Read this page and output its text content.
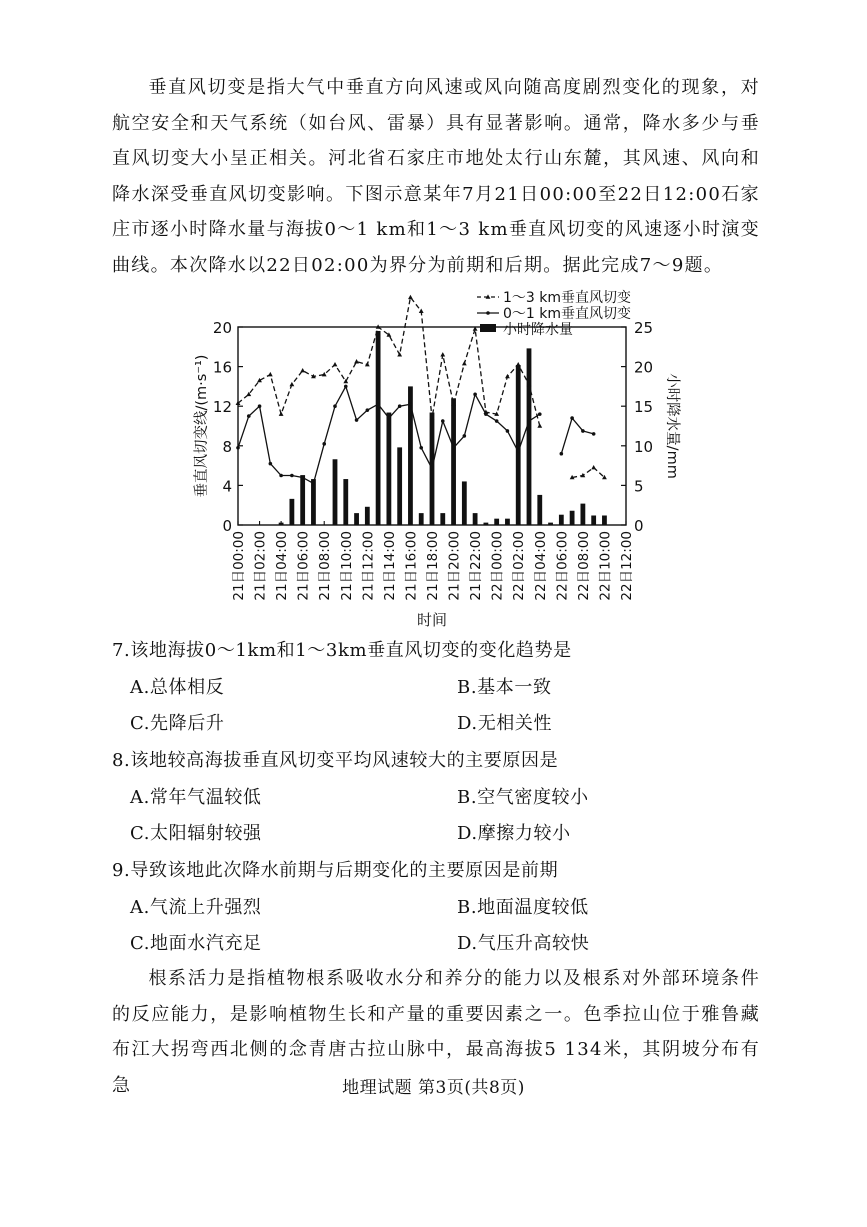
垂直风切变是指大气中垂直方向风速或风向随高度剧烈变化的现象，对航空安全和天气系统（如台风、雷暴）具有显著影响。通常，降水多少与垂直风切变大小呈正相关。河北省石家庄市地处太行山东麓，其风速、风向和降水深受垂直风切变影响。下图示意某年7月21日00:00至22日12:00石家庄市逐小时降水量与海拔0～1 km和1～3 km垂直风切变的风速逐小时演变曲线。本次降水以22日02:00为界分为前期和后期。据此完成7～9题。

0
4
8
12
16
20
0
5
10
15
20
25
21日00:00 21日02:00 21日04:00 21日06:00 21日08:00 21日10:00 21日12:00 21日14:00 21日16:00 21日18:00 21日20:00 21日22:00 22日00:00 22日02:00 22日04:00 22日06:00 22日08:00 22日10:00 22日12:00
1～3 km垂直风切变
0～1 km垂直风切变
小时降水量
垂直风切变线/(m·s⁻¹)	小时降水量/mm
时间
7.该地海拔0～1km和1～3km垂直风切变的变化趋势是
A.总体相反	B.基本一致
C.先降后升	D.无相关性
8.该地较高海拔垂直风切变平均风速较大的主要原因是
A.常年气温较低	B.空气密度较小
C.太阳辐射较强	D.摩擦力较小
9.导致该地此次降水前期与后期变化的主要原因是前期
A.气流上升强烈	B.地面温度较低
C.地面水汽充足	D.气压升高较快

根系活力是指植物根系吸收水分和养分的能力以及根系对外部环境条件的反应能力，是影响植物生长和产量的重要因素之一。色季拉山位于雅鲁藏布江大拐弯西北侧的念青唐古拉山脉中，最高海拔5 134米，其阴坡分布有急	地理试题 第3页(共8页)
